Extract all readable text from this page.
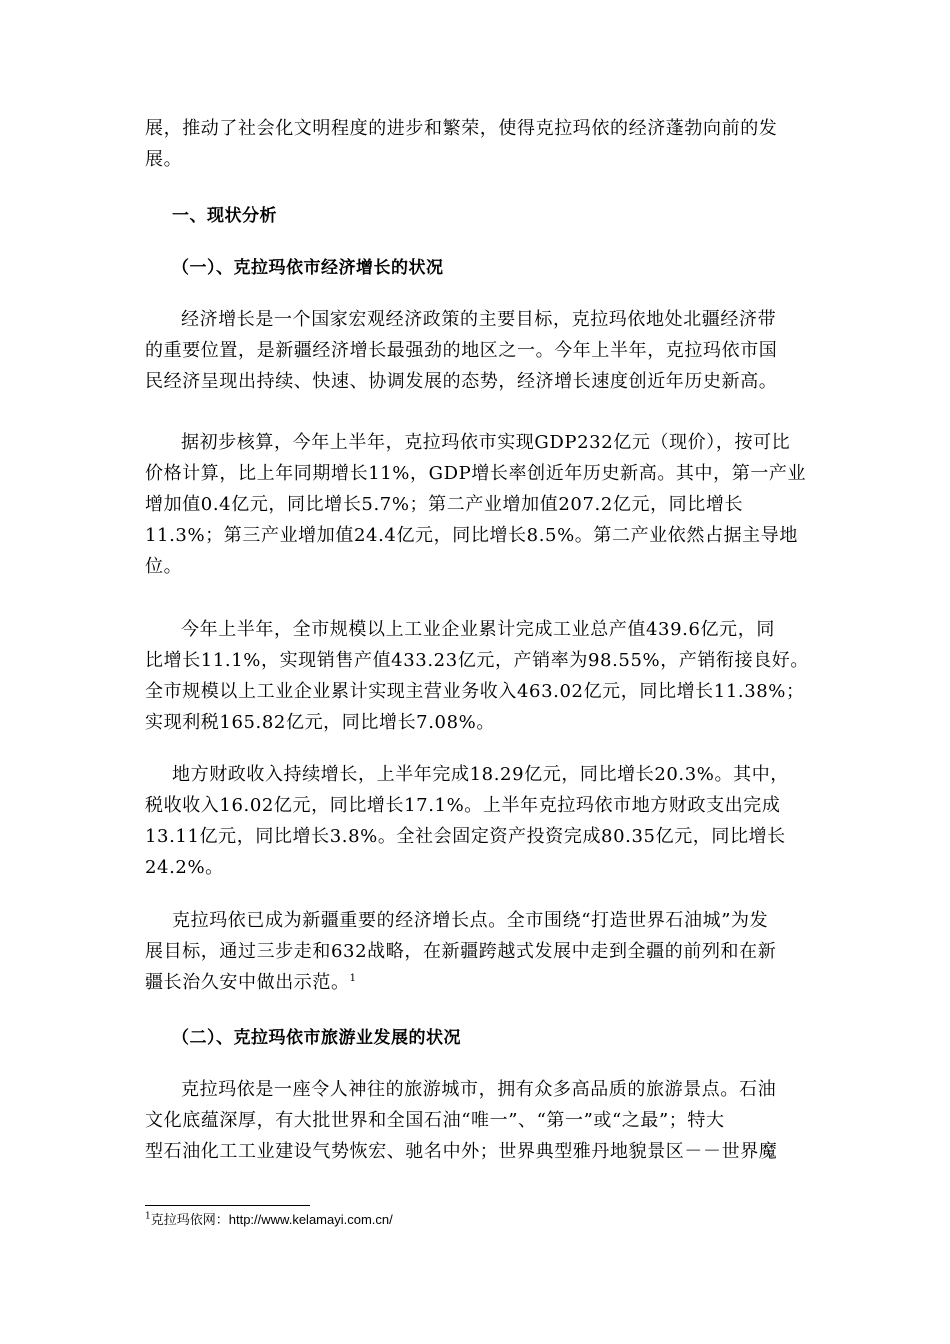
展，推动了社会化文明程度的进步和繁荣，使得克拉玛依的经济蓬勃向前的发
展。
一、现状分析
（一）、克拉玛依市经济增长的状况
经济增长是一个国家宏观经济政策的主要目标，克拉玛依地处北疆经济带
的重要位置，是新疆经济增长最强劲的地区之一。今年上半年，克拉玛依市国
民经济呈现出持续、快速、协调发展的态势，经济增长速度创近年历史新高。
据初步核算，今年上半年，克拉玛依市实现GDP232亿元（现价），按可比
价格计算，比上年同期增长11%，GDP增长率创近年历史新高。其中，第一产业
增加值0.4亿元，同比增长5.7%；第二产业增加值207.2亿元，同比增长
11.3%；第三产业增加值24.4亿元，同比增长8.5%。第二产业依然占据主导地
位。
今年上半年，全市规模以上工业企业累计完成工业总产值439.6亿元，同
比增长11.1%，实现销售产值433.23亿元，产销率为98.55%，产销衔接良好。
全市规模以上工业企业累计实现主营业务收入463.02亿元，同比增长11.38%；
实现利税165.82亿元，同比增长7.08%。
地方财政收入持续增长，上半年完成18.29亿元，同比增长20.3%。其中，
税收收入16.02亿元，同比增长17.1%。上半年克拉玛依市地方财政支出完成
13.11亿元，同比增长3.8%。全社会固定资产投资完成80.35亿元，同比增长
24.2%。
克拉玛依已成为新疆重要的经济增长点。全市围绕“打造世界石油城”为发
展目标，通过三步走和632战略，在新疆跨越式发展中走到全疆的前列和在新
疆长治久安中做出示范。$^1$
（二）、克拉玛依市旅游业发展的状况
克拉玛依是一座令人神往的旅游城市，拥有众多高品质的旅游景点。石油
文化底蕴深厚，有大批世界和全国石油“唯一”、“第一”或“之最”；特大
型石油化工工业建设气势恢宏、驰名中外；世界典型雅丹地貌景区－－世界魔
$^1$克拉玛依网：http://www.kelamayi.com.cn/
